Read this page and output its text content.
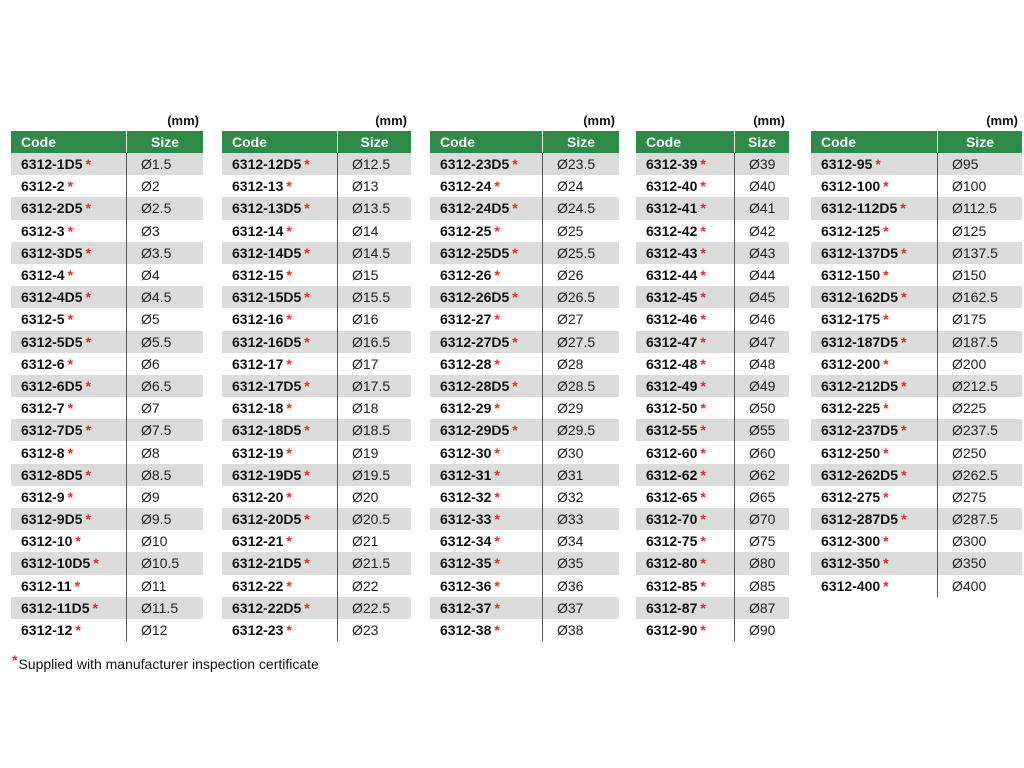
(mm)
Code	Size
6312-1D5 *	Ø1.5
6312-2 *	Ø2
6312-2D5 *	Ø2.5
6312-3 *	Ø3
6312-3D5 *	Ø3.5
6312-4 *	Ø4
6312-4D5 *	Ø4.5
6312-5 *	Ø5
6312-5D5 *	Ø5.5
6312-6 *	Ø6
6312-6D5 *	Ø6.5
6312-7 *	Ø7
6312-7D5 *	Ø7.5
6312-8 *	Ø8
6312-8D5 *	Ø8.5
6312-9 *	Ø9
6312-9D5 *	Ø9.5
6312-10 *	Ø10
6312-10D5 *	Ø10.5
6312-11 *	Ø11
6312-11D5 *	Ø11.5
6312-12 *	Ø12
(mm)
Code	Size
6312-12D5 *	Ø12.5
6312-13 *	Ø13
6312-13D5 *	Ø13.5
6312-14 *	Ø14
6312-14D5 *	Ø14.5
6312-15 *	Ø15
6312-15D5 *	Ø15.5
6312-16 *	Ø16
6312-16D5 *	Ø16.5
6312-17 *	Ø17
6312-17D5 *	Ø17.5
6312-18 *	Ø18
6312-18D5 *	Ø18.5
6312-19 *	Ø19
6312-19D5 *	Ø19.5
6312-20 *	Ø20
6312-20D5 *	Ø20.5
6312-21 *	Ø21
6312-21D5 *	Ø21.5
6312-22 *	Ø22
6312-22D5 *	Ø22.5
6312-23 *	Ø23
(mm)
Code	Size
6312-23D5 *	Ø23.5
6312-24 *	Ø24
6312-24D5 *	Ø24.5
6312-25 *	Ø25
6312-25D5 *	Ø25.5
6312-26 *	Ø26
6312-26D5 *	Ø26.5
6312-27 *	Ø27
6312-27D5 *	Ø27.5
6312-28 *	Ø28
6312-28D5 *	Ø28.5
6312-29 *	Ø29
6312-29D5 *	Ø29.5
6312-30 *	Ø30
6312-31 *	Ø31
6312-32 *	Ø32
6312-33 *	Ø33
6312-34 *	Ø34
6312-35 *	Ø35
6312-36 *	Ø36
6312-37 *	Ø37
6312-38 *	Ø38
(mm)
Code	Size
6312-39 *	Ø39
6312-40 *	Ø40
6312-41 *	Ø41
6312-42 *	Ø42
6312-43 *	Ø43
6312-44 *	Ø44
6312-45 *	Ø45
6312-46 *	Ø46
6312-47 *	Ø47
6312-48 *	Ø48
6312-49 *	Ø49
6312-50 *	Ø50
6312-55 *	Ø55
6312-60 *	Ø60
6312-62 *	Ø62
6312-65 *	Ø65
6312-70 *	Ø70
6312-75 *	Ø75
6312-80 *	Ø80
6312-85 *	Ø85
6312-87 *	Ø87
6312-90 *	Ø90
(mm)
Code	Size
6312-95 *	Ø95
6312-100 *	Ø100
6312-112D5 *	Ø112.5
6312-125 *	Ø125
6312-137D5 *	Ø137.5
6312-150 *	Ø150
6312-162D5 *	Ø162.5
6312-175 *	Ø175
6312-187D5 *	Ø187.5
6312-200 *	Ø200
6312-212D5 *	Ø212.5
6312-225 *	Ø225
6312-237D5 *	Ø237.5
6312-250 *	Ø250
6312-262D5 *	Ø262.5
6312-275 *	Ø275
6312-287D5 *	Ø287.5
6312-300 *	Ø300
6312-350 *	Ø350
6312-400 *	Ø400
*Supplied with manufacturer inspection certificate
